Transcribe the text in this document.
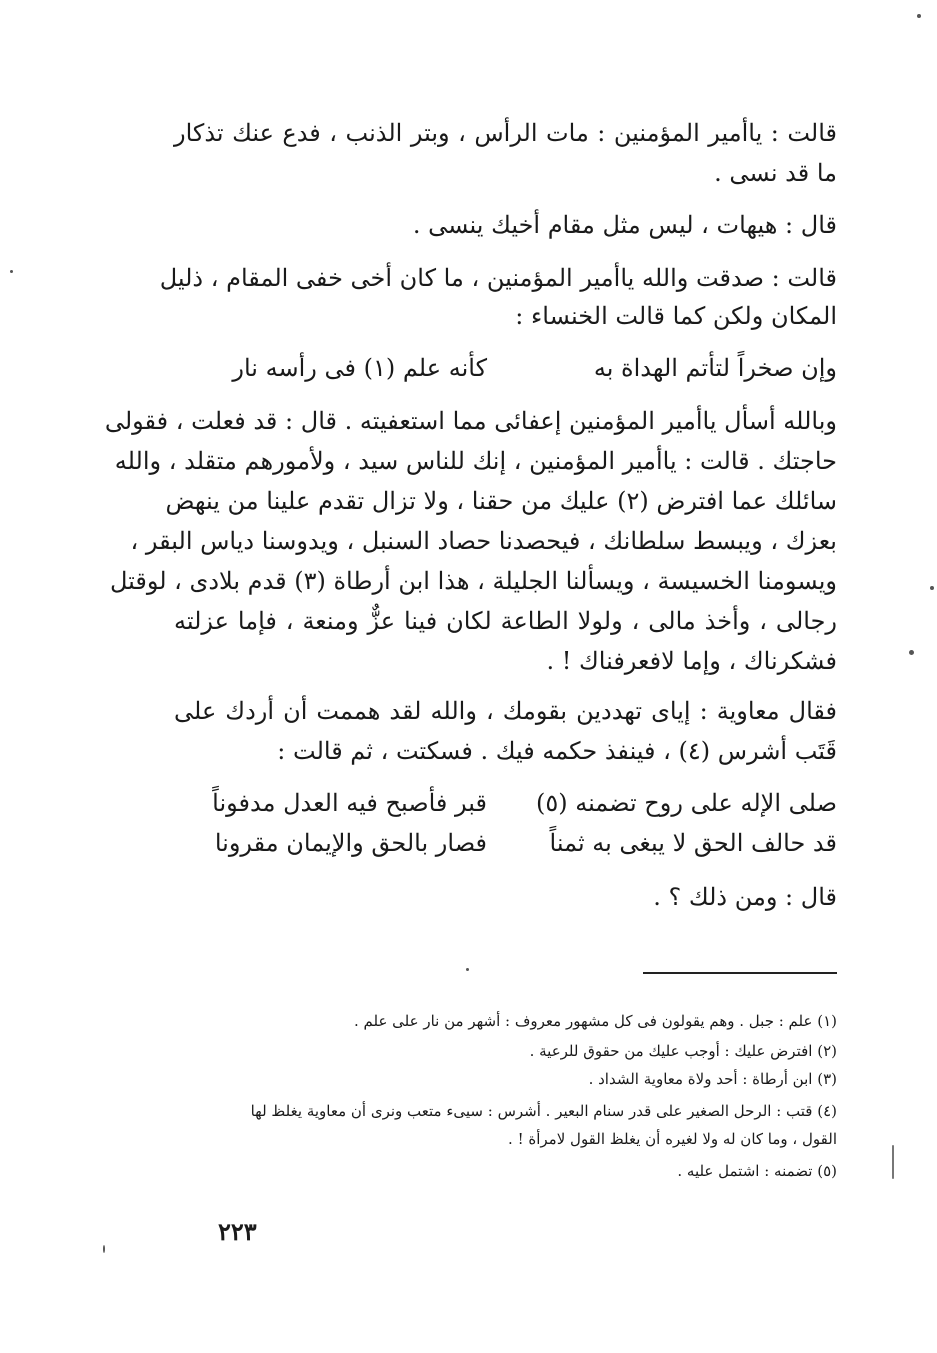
قالت : ياأمير المؤمنين : مات الرأس ، وبتر الذنب ، فدع عنك تذكار
ما قد نسى .
قال : هيهات ، ليس مثل مقام أخيك ينسى .
قالت : صدقت والله ياأمير المؤمنين ، ما كان أخى خفى المقام ، ذليل
المكان ولكن كما قالت الخنساء :
وإن صخراً لتأتم الهداة به
كأنه علم (١) فى رأسه نار
وبالله أسأل ياأمير المؤمنين إعفائى مما استعفيته . قال : قد فعلت ، فقولى
حاجتك . قالت : ياأمير المؤمنين ، إنك للناس سيد ، ولأمورهم متقلد ، والله
سائلك عما افترض (٢) عليك من حقنا ، ولا تزال تقدم علينا من ينهض
بعزك ، ويبسط سلطانك ، فيحصدنا حصاد السنبل ، ويدوسنا دياس البقر ،
ويسومنا الخسيسة ، ويسألنا الجليلة ، هذا ابن أرطاة (٣) قدم بلادى ، لوقتل
رجالى ، وأخذ مالى ، ولولا الطاعة لكان فينا عزٌّ ومنعة ، فإما عزلته
فشكرناك ، وإما لافعرفناك ! .
فقال معاوية : إياى تهددين بقومك ، والله لقد هممت أن أردك على
قَتَب أشرس (٤) ، فينفذ حكمه فيك . فسكتت ، ثم قالت :
صلى الإله على روح تضمنه (٥)
قبر فأصبح فيه العدل مدفوناً
قد حالف الحق لا يبغى به ثمناً
فصار بالحق والإيمان مقرونا
قال : ومن ذلك ؟ .
(١) علم : جبل . وهم يقولون فى كل مشهور معروف : أشهر من نار على علم .
(٢) افترض عليك : أوجب عليك من حقوق للرعية .
(٣) ابن أرطاة : أحد ولاة معاوية الشداد .
(٤) قتب : الرحل الصغير على قدر سنام البعير . أشرس : سيىء متعب ونرى أن معاوية يغلظ لها
القول ، وما كان له ولا لغيره أن يغلظ القول لامرأة ! .
(٥) تضمنه : اشتمل عليه .
٢٢٣
